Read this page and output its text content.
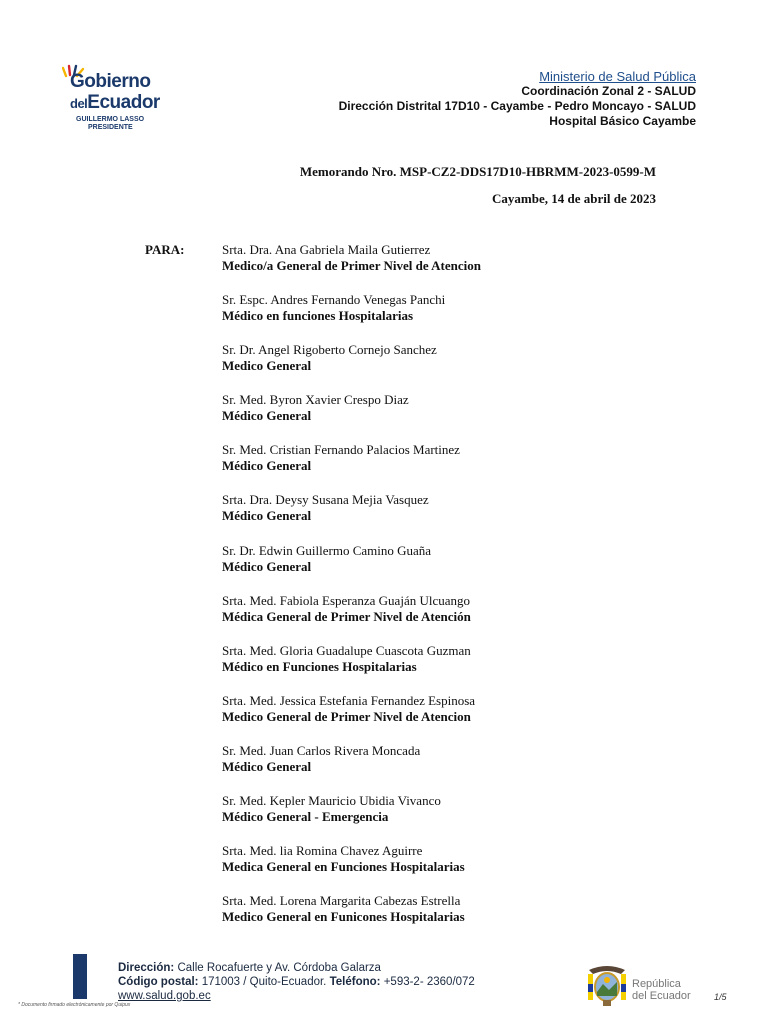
Gobierno
delEcuador
GUILLERMO LASSO
PRESIDENTE
Ministerio de Salud Pública
Coordinación Zonal 2 - SALUD
Dirección Distrital 17D10 - Cayambe - Pedro Moncayo - SALUD
Hospital Básico Cayambe
Memorando Nro. MSP-CZ2-DDS17D10-HBRMM-2023-0599-M
Cayambe, 14 de abril de 2023
PARA:	Srta. Dra. Ana Gabriela Maila Gutierrez
Medico/a General de Primer Nivel de Atencion
Sr. Espc. Andres Fernando Venegas Panchi
Médico en funciones Hospitalarias
Sr. Dr. Angel Rigoberto Cornejo Sanchez
Medico General
Sr. Med. Byron Xavier Crespo Diaz
Médico General
Sr. Med. Cristian Fernando Palacios Martinez
Médico General
Srta. Dra. Deysy Susana Mejia Vasquez
Médico General
Sr. Dr. Edwin Guillermo Camino Guaña
Médico General
Srta. Med. Fabiola Esperanza Guaján Ulcuango
Médica General de Primer Nivel de Atención
Srta. Med. Gloria Guadalupe Cuascota Guzman
Médico en Funciones Hospitalarias
Srta. Med. Jessica Estefania Fernandez Espinosa
Medico General de Primer Nivel de Atencion
Sr. Med. Juan Carlos Rivera Moncada
Médico General
Sr. Med. Kepler Mauricio Ubidia Vivanco
Médico General - Emergencia
Srta. Med. lia Romina Chavez Aguirre
Medica General en Funciones Hospitalarias
Srta. Med. Lorena Margarita Cabezas Estrella
Medico General en Funicones Hospitalarias
Dirección: Calle Rocafuerte y Av. Córdoba Galarza
Código postal: 171003 / Quito-Ecuador. Teléfono: +593-2- 2360/072
www.salud.gob.ec
* Documento firmado electrónicamente por Quipux
República
del Ecuador	1/5
